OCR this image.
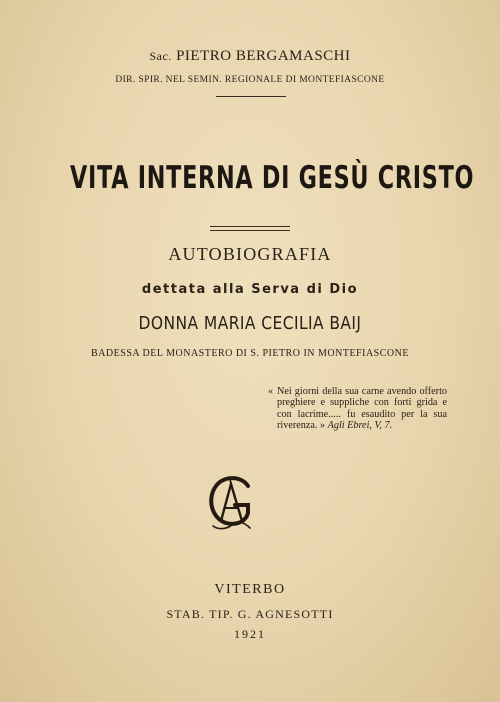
Sac. PIETRO BERGAMASCHI
DIR. SPIR. NEL SEMIN. REGIONALE DI MONTEFIASCONE
VITA INTERNA DI GESÙ CRISTO
AUTOBIOGRAFIA
dettata alla Serva di Dio
DONNA MARIA CECILIA BAIJ
BADESSA DEL MONASTERO DI S. PIETRO IN MONTEFIASCONE
« Nei giorni della sua carne avendo offerto preghiere e suppliche con forti grida e con lacrime..... fu esaudito per la sua riverenza. » Agli Ebrei, V, 7.
VITERBO
STAB. TIP. G. AGNESOTTI
1921
